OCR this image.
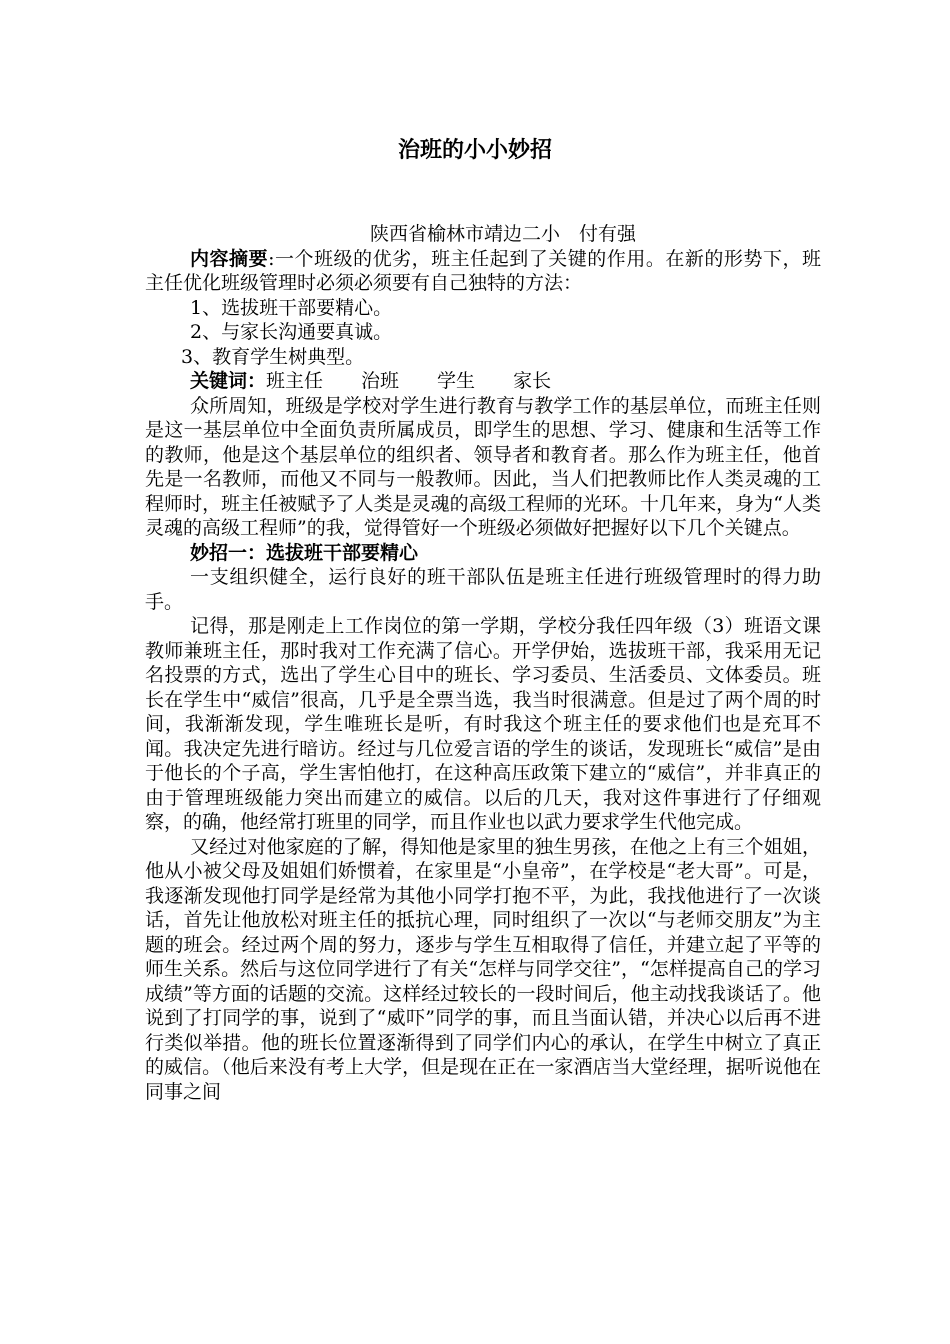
治班的小小妙招

陕西省榆林市靖边二小　付有强

内容摘要:一个班级的优劣，班主任起到了关键的作用。在新的形势下，班主任优化班级管理时必须必须要有自己独特的方法：

1、选拔班干部要精心。

2、与家长沟通要真诚。

3、教育学生树典型。

关键词：班主任 治班 学生 家长

众所周知，班级是学校对学生进行教育与教学工作的基层单位，而班主任则是这一基层单位中全面负责所属成员，即学生的思想、学习、健康和生活等工作的教师，他是这个基层单位的组织者、领导者和教育者。那么作为班主任，他首先是一名教师，而他又不同与一般教师。因此，当人们把教师比作人类灵魂的工程师时，班主任被赋予了人类是灵魂的高级工程师的光环。十几年来，身为“人类灵魂的高级工程师”的我，觉得管好一个班级必须做好把握好以下几个关键点。

妙招一：选拔班干部要精心

一支组织健全，运行良好的班干部队伍是班主任进行班级管理时的得力助手。

记得，那是刚走上工作岗位的第一学期，学校分我任四年级（3）班语文课教师兼班主任，那时我对工作充满了信心。开学伊始，选拔班干部，我采用无记名投票的方式，选出了学生心目中的班长、学习委员、生活委员、文体委员。班长在学生中“威信”很高，几乎是全票当选，我当时很满意。但是过了两个周的时间，我渐渐发现，学生唯班长是听，有时我这个班主任的要求他们也是充耳不闻。我决定先进行暗访。经过与几位爱言语的学生的谈话，发现班长“威信”是由于他长的个子高，学生害怕他打，在这种高压政策下建立的“威信”，并非真正的由于管理班级能力突出而建立的威信。以后的几天，我对这件事进行了仔细观察，的确，他经常打班里的同学，而且作业也以武力要求学生代他完成。

又经过对他家庭的了解，得知他是家里的独生男孩，在他之上有三个姐姐，他从小被父母及姐姐们娇惯着，在家里是“小皇帝”，在学校是“老大哥”。可是，我逐渐发现他打同学是经常为其他小同学打抱不平，为此，我找他进行了一次谈话，首先让他放松对班主任的抵抗心理，同时组织了一次以“与老师交朋友”为主题的班会。经过两个周的努力，逐步与学生互相取得了信任，并建立起了平等的师生关系。然后与这位同学进行了有关“怎样与同学交往”，“怎样提高自己的学习成绩”等方面的话题的交流。这样经过较长的一段时间后，他主动找我谈话了。他说到了打同学的事，说到了“威吓”同学的事，而且当面认错，并决心以后再不进行类似举措。他的班长位置逐渐得到了同学们内心的承认，在学生中树立了真正的威信。（他后来没有考上大学，但是现在正在一家酒店当大堂经理，据听说他在同事之间
